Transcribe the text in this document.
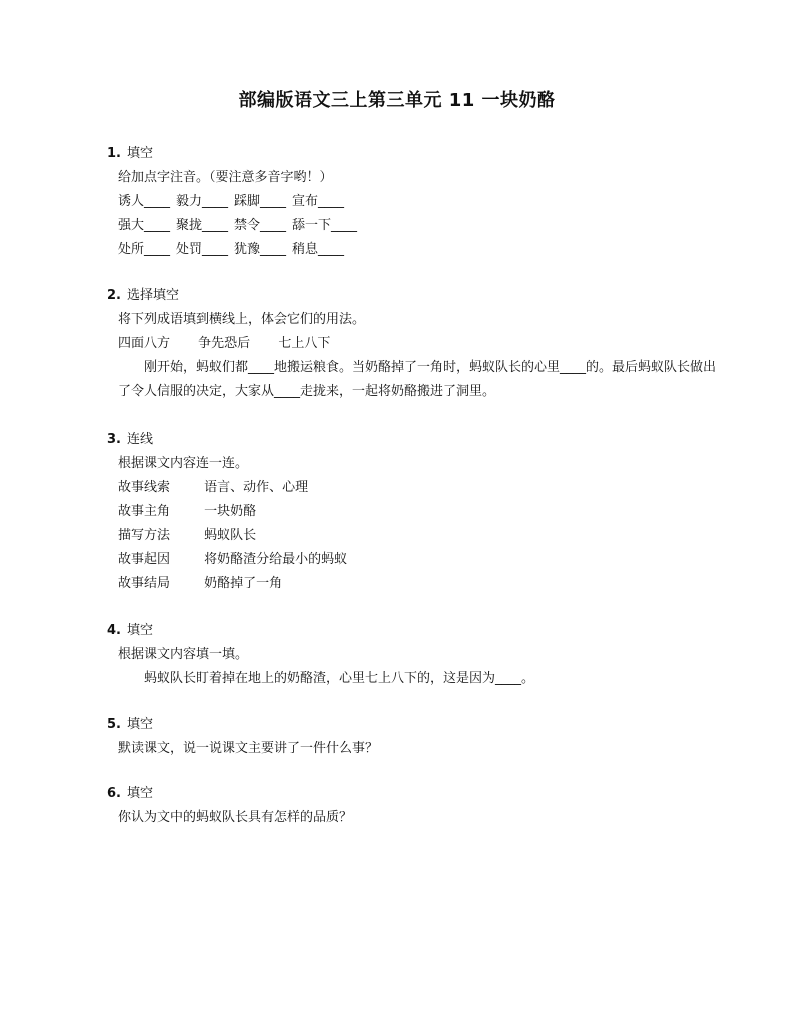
部编版语文三上第三单元 11 一块奶酪
1. 填空
给加点字注音。（要注意多音字哟！）
诱人____ 毅力____ 踩脚____ 宣布____
强大____ 聚拢____ 禁令____ 舔一下____
处所____ 处罚____ 犹豫____ 稍息____
2. 选择填空
将下列成语填到横线上，体会它们的用法。
四面八方 争先恐后 七上八下
刚开始，蚂蚁们都____地搬运粮食。当奶酪掉了一角时，蚂蚁队长的心里____的。最后蚂蚁队长做出了令人信服的决定，大家从____走拢来，一起将奶酪搬进了洞里。
3. 连线
根据课文内容连一连。
故事线索	语言、动作、心理
故事主角	一块奶酪
描写方法	蚂蚁队长
故事起因	将奶酪渣分给最小的蚂蚁
故事结局	奶酪掉了一角
4. 填空
根据课文内容填一填。
蚂蚁队长盯着掉在地上的奶酪渣，心里七上八下的，这是因为____。
5. 填空
默读课文，说一说课文主要讲了一件什么事？
6. 填空
你认为文中的蚂蚁队长具有怎样的品质？
